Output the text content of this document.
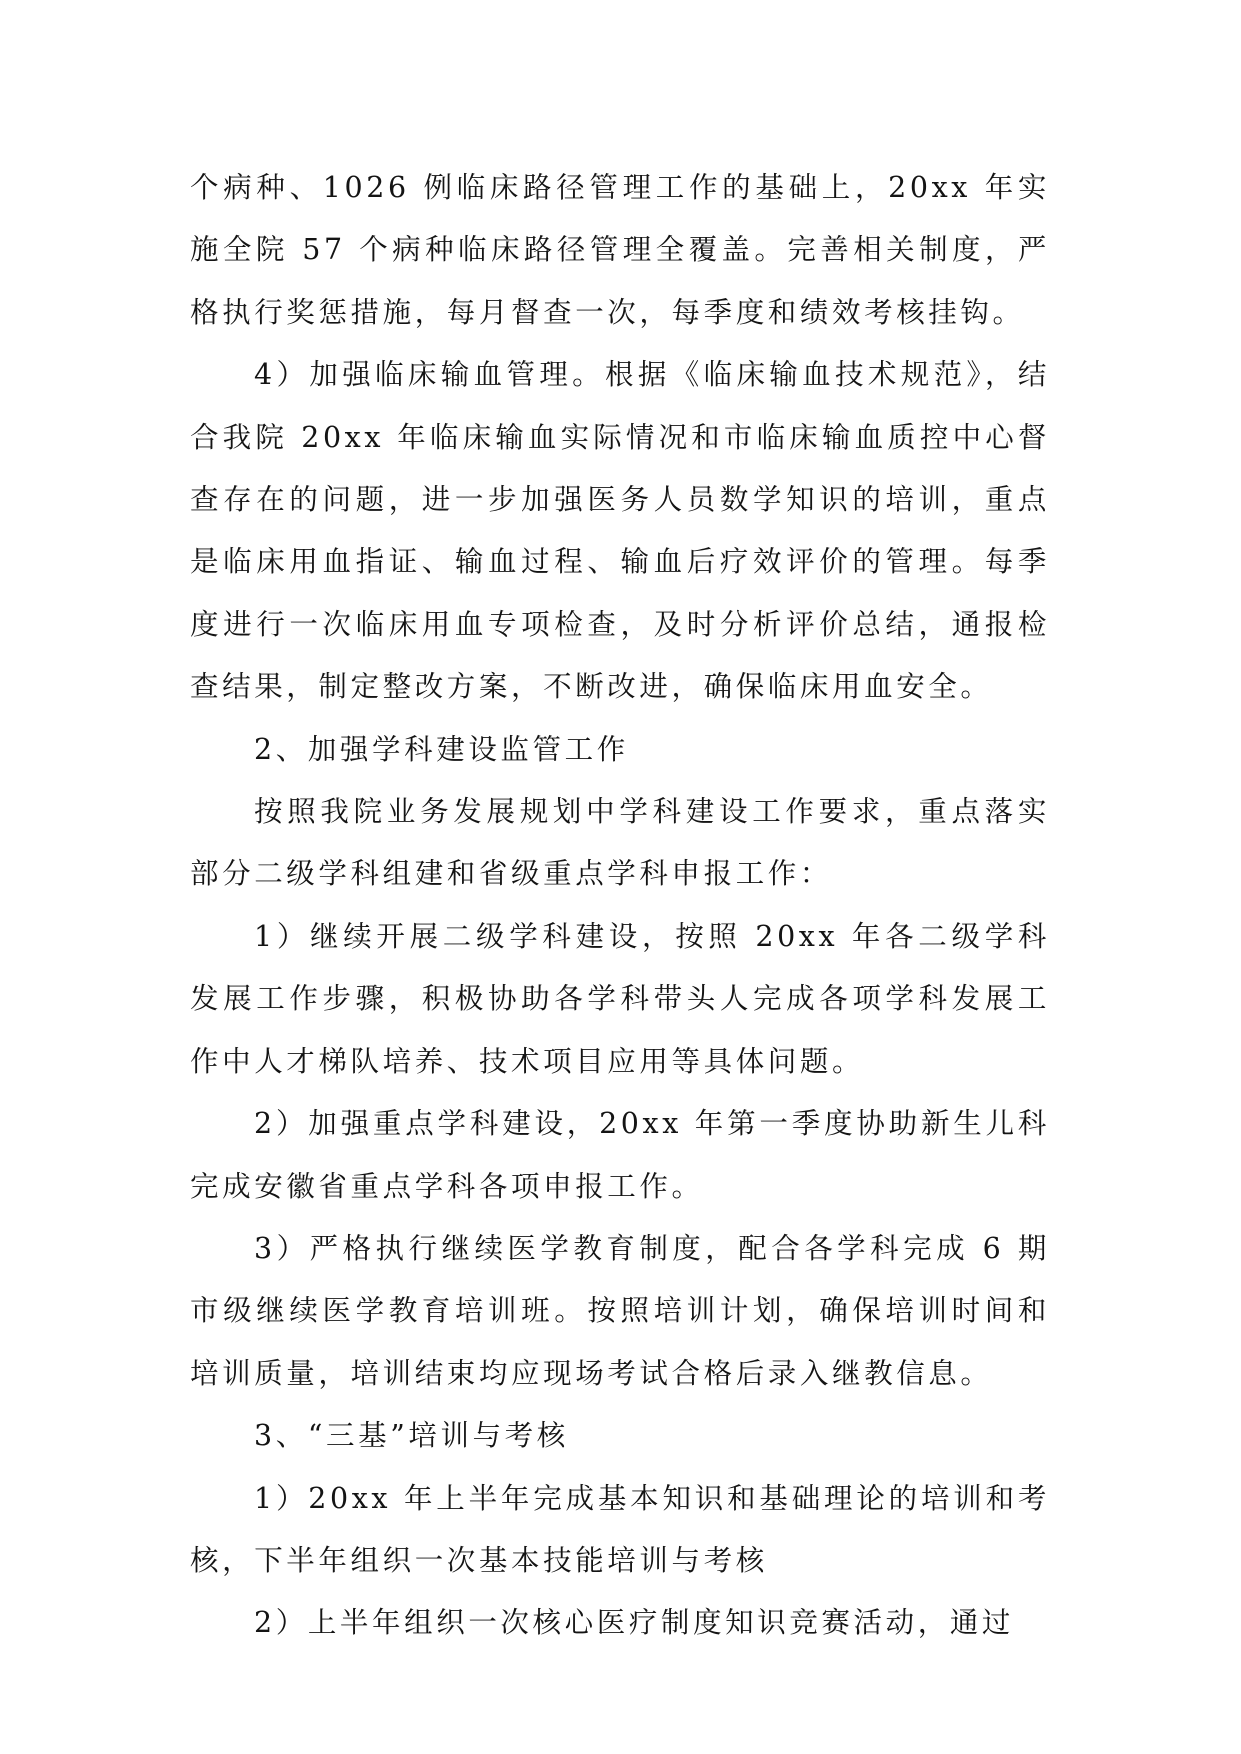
个病种、1026 例临床路径管理工作的基础上，20xx 年实施全院 57 个病种临床路径管理全覆盖。完善相关制度，严格执行奖惩措施，每月督查一次，每季度和绩效考核挂钩。

4）加强临床输血管理。根据《临床输血技术规范》，结合我院 20xx 年临床输血实际情况和市临床输血质控中心督查存在的问题，进一步加强医务人员数学知识的培训，重点是临床用血指证、输血过程、输血后疗效评价的管理。每季度进行一次临床用血专项检查，及时分析评价总结，通报检查结果，制定整改方案，不断改进，确保临床用血安全。

2、加强学科建设监管工作

按照我院业务发展规划中学科建设工作要求，重点落实部分二级学科组建和省级重点学科申报工作：

1）继续开展二级学科建设，按照 20xx 年各二级学科发展工作步骤，积极协助各学科带头人完成各项学科发展工作中人才梯队培养、技术项目应用等具体问题。

2）加强重点学科建设，20xx 年第一季度协助新生儿科完成安徽省重点学科各项申报工作。

3）严格执行继续医学教育制度，配合各学科完成 6 期市级继续医学教育培训班。按照培训计划，确保培训时间和培训质量，培训结束均应现场考试合格后录入继教信息。

3、“三基”培训与考核

1）20xx 年上半年完成基本知识和基础理论的培训和考核，下半年组织一次基本技能培训与考核

2）上半年组织一次核心医疗制度知识竞赛活动，通过
